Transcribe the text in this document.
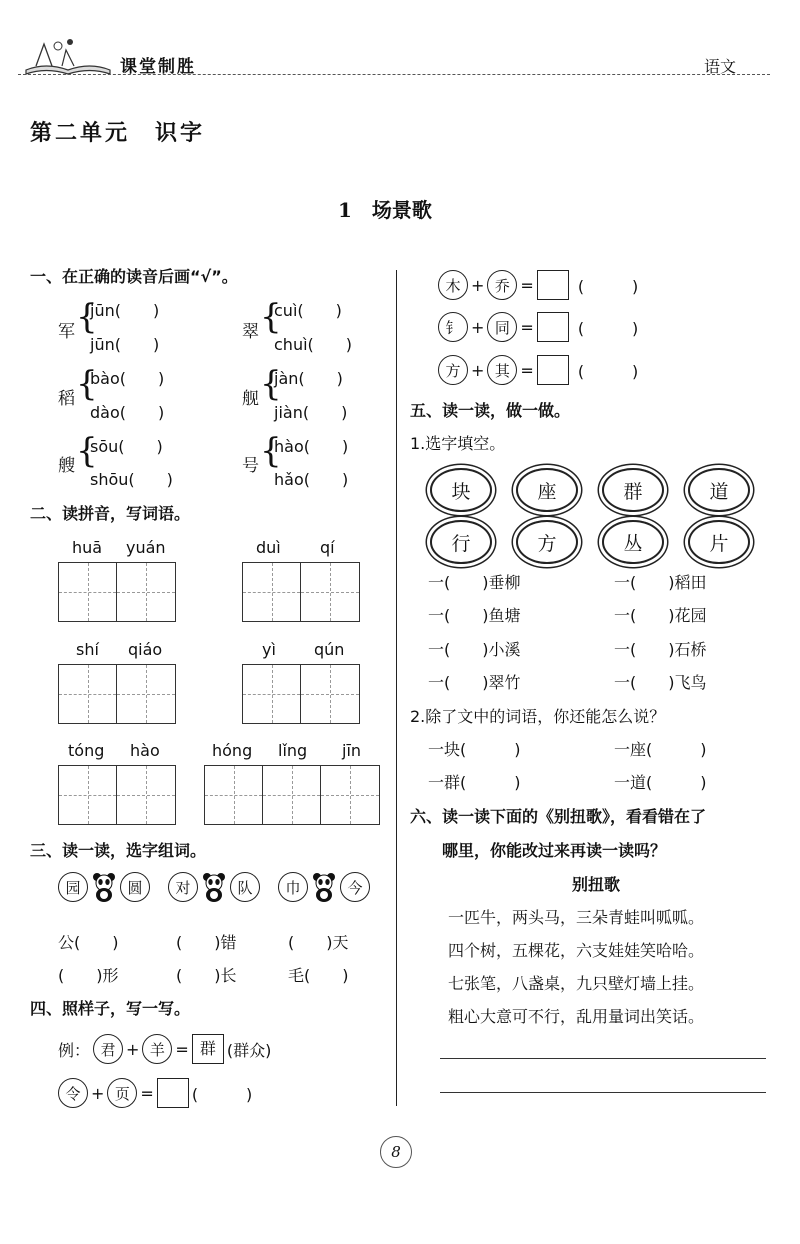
课堂制胜	语文
第二单元　识字
1　场景歌
一、在正确的读音后画“√”。
军 {
jūn(　　)
jūn(　　)
翠 {
cuì(　　)
chuì(　　)
稻 {
bào(　　)
dào(　　)
舰 {
jàn(　　)
jiàn(　　)
艘 {
sōu(　　)
shōu(　　)
号 {
hào(　　)
hǎo(　　)
二、读拼音，写词语。
huā yuán	duì qí
shí qiáo	yì qún
tóng hào	hóng lǐng jīn
三、读一读，选字组词。
园	圆	对	队	巾	今
公(　　)	(　　)错	(　　)天
(　　)形	(　　)长	毛(　　)
四、照样子，写一写。
例： 君 + 羊 = 群 (群众)
令 + 页 = (　　　)
木 + 乔 =	(　　　)
钅 + 同 =	(　　　)
方 + 其 =	(　　　)
五、读一读，做一做。
1.选字填空。
块	座	群	道
行	方	丛	片
一(　　)垂柳	一(　　)稻田
一(　　)鱼塘	一(　　)花园
一(　　)小溪	一(　　)石桥
一(　　)翠竹	一(　　)飞鸟
2.除了文中的词语，你还能怎么说？
一块(　　　)	一座(　　　)
一群(　　　)	一道(　　　)
六、读一读下面的《别扭歌》，看看错在了
哪里，你能改过来再读一读吗？
别扭歌
一匹牛，两头马，三朵青蛙叫呱呱。
四个树，五棵花，六支娃娃笑哈哈。
七张笔，八盏桌，九只壁灯墙上挂。
粗心大意可不行，乱用量词出笑话。
8
